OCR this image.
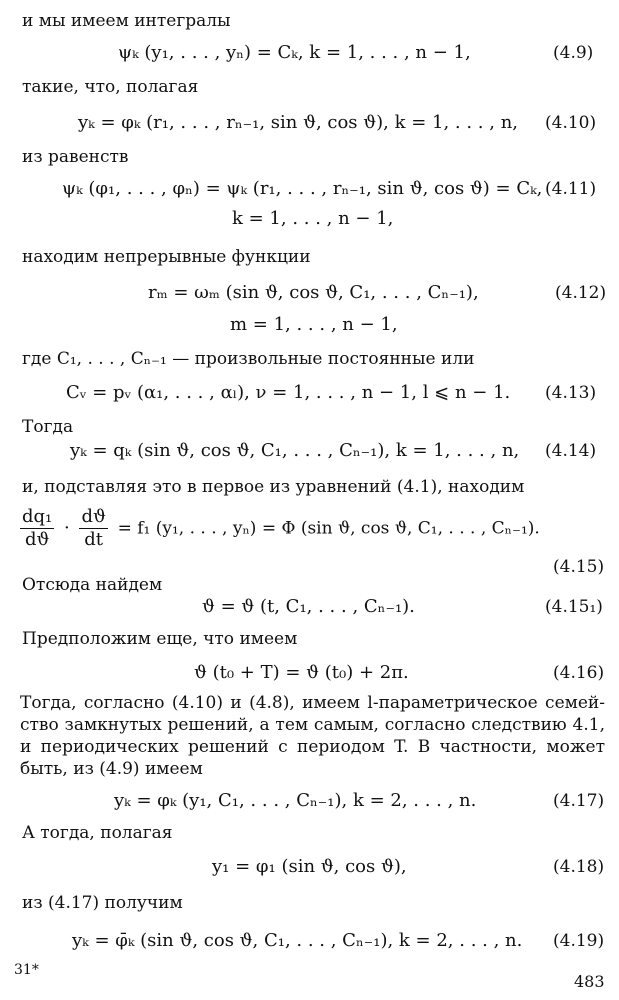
и мы имеем интегралы
ψₖ (y₁, . . . , yₙ) = Cₖ, k = 1, . . . , n − 1,	(4.9)
такие, что, полагая
yₖ = φₖ (r₁, . . . , rₙ₋₁, sin ϑ, cos ϑ), k = 1, . . . , n, (4.10)
из равенств
ψₖ (φ₁, . . . , φₙ) = ψₖ (r₁, . . . , rₙ₋₁, sin ϑ, cos ϑ) = Cₖ, (4.11)
k = 1, . . . , n − 1,
находим непрерывные функции
rₘ = ωₘ (sin ϑ, cos ϑ, C₁, . . . , Cₙ₋₁),	(4.12)
m = 1, . . . , n − 1,
где C₁, . . . , Cₙ₋₁ — произвольные постоянные или
Cᵥ = pᵥ (α₁, . . . , αₗ), ν = 1, . . . , n − 1, l ⩽ n − 1. (4.13)
Тогда
yₖ = qₖ (sin ϑ, cos ϑ, C₁, . . . , Cₙ₋₁), k = 1, . . . , n, (4.14)
и, подставляя это в первое из уравнений (4.1), находим
$\frac{\text{dq₁}}{dϑ} \cdot \frac{dϑ}{dt} = f_1$ (y₁, . . . , yₙ) = Φ (sin ϑ, cos ϑ, C₁, . . . , Cₙ₋₁).
(4.15)
Отсюда найдем
ϑ = ϑ (t, C₁, . . . , Cₙ₋₁).	(4.15₁)
Предположим еще, что имеем
ϑ (t₀ + T) = ϑ (t₀) + 2π.	(4.16)
Тогда, согласно (4.10) и (4.8), имеем l-параметрическое семей-
ство замкнутых решений, а тем самым, согласно следствию 4.1,
и периодических решений с периодом T. В частности, может
быть, из (4.9) имеем
yₖ = φₖ (y₁, C₁, . . . , Cₙ₋₁), k = 2, . . . , n.	(4.17)
А тогда, полагая
y₁ = φ₁ (sin ϑ, cos ϑ),	(4.18)
из (4.17) получим
yₖ = φ̄ₖ (sin ϑ, cos ϑ, C₁, . . . , Cₙ₋₁), k = 2, . . . , n. (4.19)
31*
483
